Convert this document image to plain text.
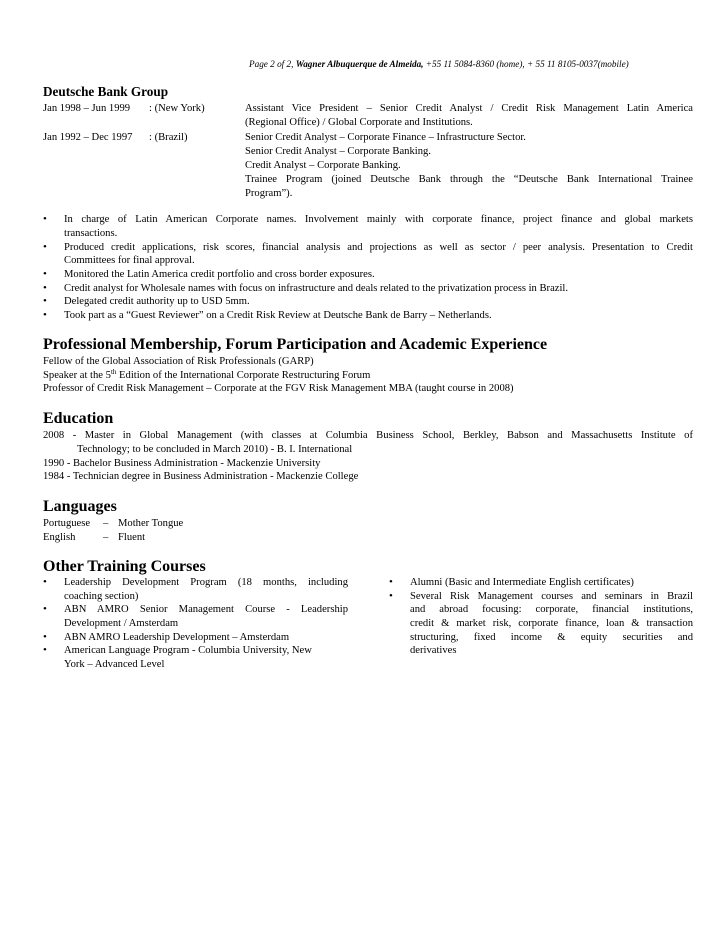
Page 2 of 2, Wagner Albuquerque de Almeida, +55 11 5084-8360 (home), + 55 11 8105-0037(mobile)
Deutsche Bank Group
Jan 1998 – Jun 1999 : (New York)	Assistant Vice President – Senior Credit Analyst / Credit Risk Management Latin America
(Regional Office) / Global Corporate and Institutions.
Jan 1992 – Dec 1997 : (Brazil)	Senior Credit Analyst – Corporate Finance – Infrastructure Sector.
Senior Credit Analyst – Corporate Banking.
Credit Analyst – Corporate Banking.
Trainee Program (joined Deutsche Bank through the “Deutsche Bank International Trainee
Program”).
• In charge of Latin American Corporate names. Involvement mainly with corporate finance, project finance and global markets
transactions.
• Produced credit applications, risk scores, financial analysis and projections as well as sector / peer analysis. Presentation to Credit
Committees for final approval.
• Monitored the Latin America credit portfolio and cross border exposures.
• Credit analyst for Wholesale names with focus on infrastructure and deals related to the privatization process in Brazil.
• Delegated credit authority up to USD 5mm.
• Took part as a “Guest Reviewer” on a Credit Risk Review at Deutsche Bank de Barry – Netherlands.
Professional Membership, Forum Participation and Academic Experience
Fellow of the Global Association of Risk Professionals (GARP)
Speaker at the 5th Edition of the International Corporate Restructuring Forum
Professor of Credit Risk Management – Corporate at the FGV Risk Management MBA (taught course in 2008)
Education
2008 - Master in Global Management (with classes at Columbia Business School, Berkley, Babson and Massachusetts Institute of
Technology; to be concluded in March 2010) - B. I. International
1990 - Bachelor Business Administration - Mackenzie University
1984 - Technician degree in Business Administration - Mackenzie College
Languages
Portuguese – Mother Tongue
English	– Fluent
Other Training Courses
• Leadership Development Program (18 months, including
coaching section)
• ABN AMRO Senior Management Course - Leadership
Development / Amsterdam
• ABN AMRO Leadership Development – Amsterdam
• American Language Program - Columbia University, New
York – Advanced Level
• Alumni (Basic and Intermediate English certificates)
• Several Risk Management courses and seminars in Brazil
and abroad focusing: corporate, financial institutions,
credit & market risk, corporate finance, loan & transaction
structuring, fixed income & equity securities and
derivatives
